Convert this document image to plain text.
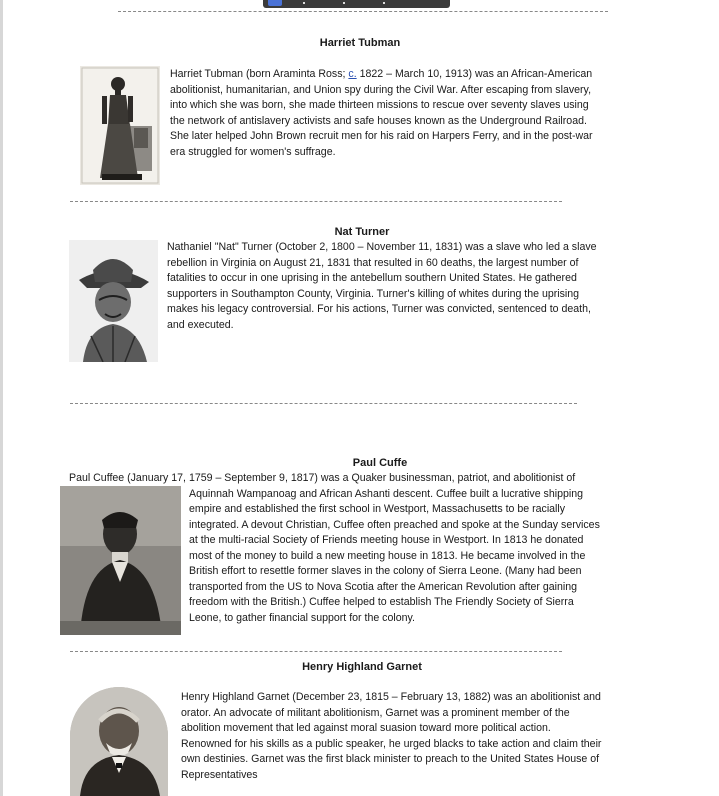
Harriet Tubman
Harriet Tubman (born Araminta Ross; c. 1822 – March 10, 1913) was an African-American
abolitionist, humanitarian, and Union spy during the Civil War. After escaping from slavery,
into which she was born, she made thirteen missions to rescue over seventy slaves using
the network of antislavery activists and safe houses known as the Underground Railroad.
She later helped John Brown recruit men for his raid on Harpers Ferry, and in the post-war
era struggled for women's suffrage.
Nat Turner
Nathaniel "Nat" Turner (October 2, 1800 – November 11, 1831) was a slave who led a slave
rebellion in Virginia on August 21, 1831 that resulted in 60 deaths, the largest number of
fatalities to occur in one uprising in the antebellum southern United States. He gathered
supporters in Southampton County, Virginia. Turner's killing of whites during the uprising
makes his legacy controversial. For his actions, Turner was convicted, sentenced to death,
and executed.
Paul Cuffe
Paul Cuffee (January 17, 1759 – September 9, 1817) was a Quaker businessman, patriot, and abolitionist of
Aquinnah Wampanoag and African Ashanti descent. Cuffee built a lucrative shipping
empire and established the first school in Westport, Massachusetts to be racially
integrated. A devout Christian, Cuffee often preached and spoke at the Sunday services
at the multi-racial Society of Friends meeting house in Westport. In 1813 he donated
most of the money to build a new meeting house in 1813. He became involved in the
British effort to resettle former slaves in the colony of Sierra Leone. (Many had been
transported from the US to Nova Scotia after the American Revolution after gaining
freedom with the British.) Cuffee helped to establish The Friendly Society of Sierra
Leone, to gather financial support for the colony.
Henry Highland Garnet
Henry Highland Garnet (December 23, 1815 – February 13, 1882) was an abolitionist and
orator. An advocate of militant abolitionism, Garnet was a prominent member of the
abolition movement that led against moral suasion toward more political action.
Renowned for his skills as a public speaker, he urged blacks to take action and claim their
own destinies. Garnet was the first black minister to preach to the United States House of
Representatives
